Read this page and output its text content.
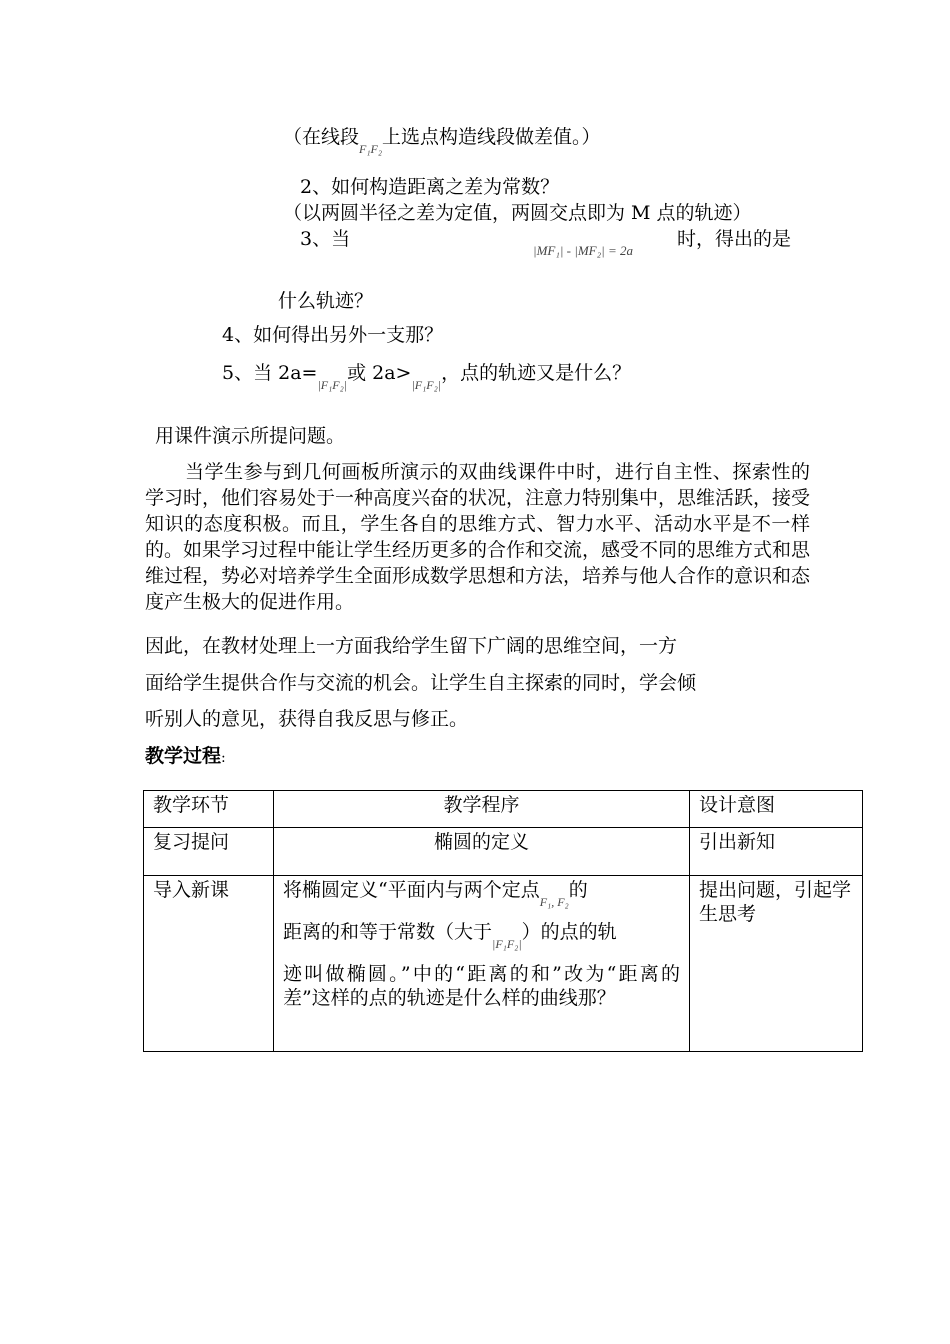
（在线段$_{F_1F_2}$上选点构造线段做差值。）
2、如何构造距离之差为常数？
（以两圆半径之差为定值，两圆交点即为 M 点的轨迹）
3、当
|MF₁| - |MF₂| = 2a
时，得出的是
什么轨迹？
4、如何得出另外一支那？
5、当 $2a=_{|F_1F_2|}$或 $2a>_{|F_1F_2|}$，点的轨迹又是什么？
用课件演示所提问题。

当学生参与到几何画板所演示的双曲线课件中时，进行自主性、探索性的学习时，他们容易处于一种高度兴奋的状况，注意力特别集中，思维活跃，接受知识的态度积极。而且，学生各自的思维方式、智力水平、活动水平是不一样的。如果学习过程中能让学生经历更多的合作和交流，感受不同的思维方式和思维过程，势必对培养学生全面形成数学思想和方法，培养与他人合作的意识和态度产生极大的促进作用。

因此，在教材处理上一方面我给学生留下广阔的思维空间，一方
面给学生提供合作与交流的机会。让学生自主探索的同时，学会倾
听别人的意见，获得自我反思与修正。
教学过程:
教学环节	教学程序	设计意图
复习提问	椭圆的定义	引出新知
导入新课	将椭圆定义“平面内与两个定点$_{F_1, F_2}$的
距离的和等于常数（大于$_{|F_1F_2|}$）的点的轨
迹叫做椭圆。”中的“距离的和”改为“距离的差”这样的点的轨迹是什么样的曲线那？	提出问题，引起学生思考
